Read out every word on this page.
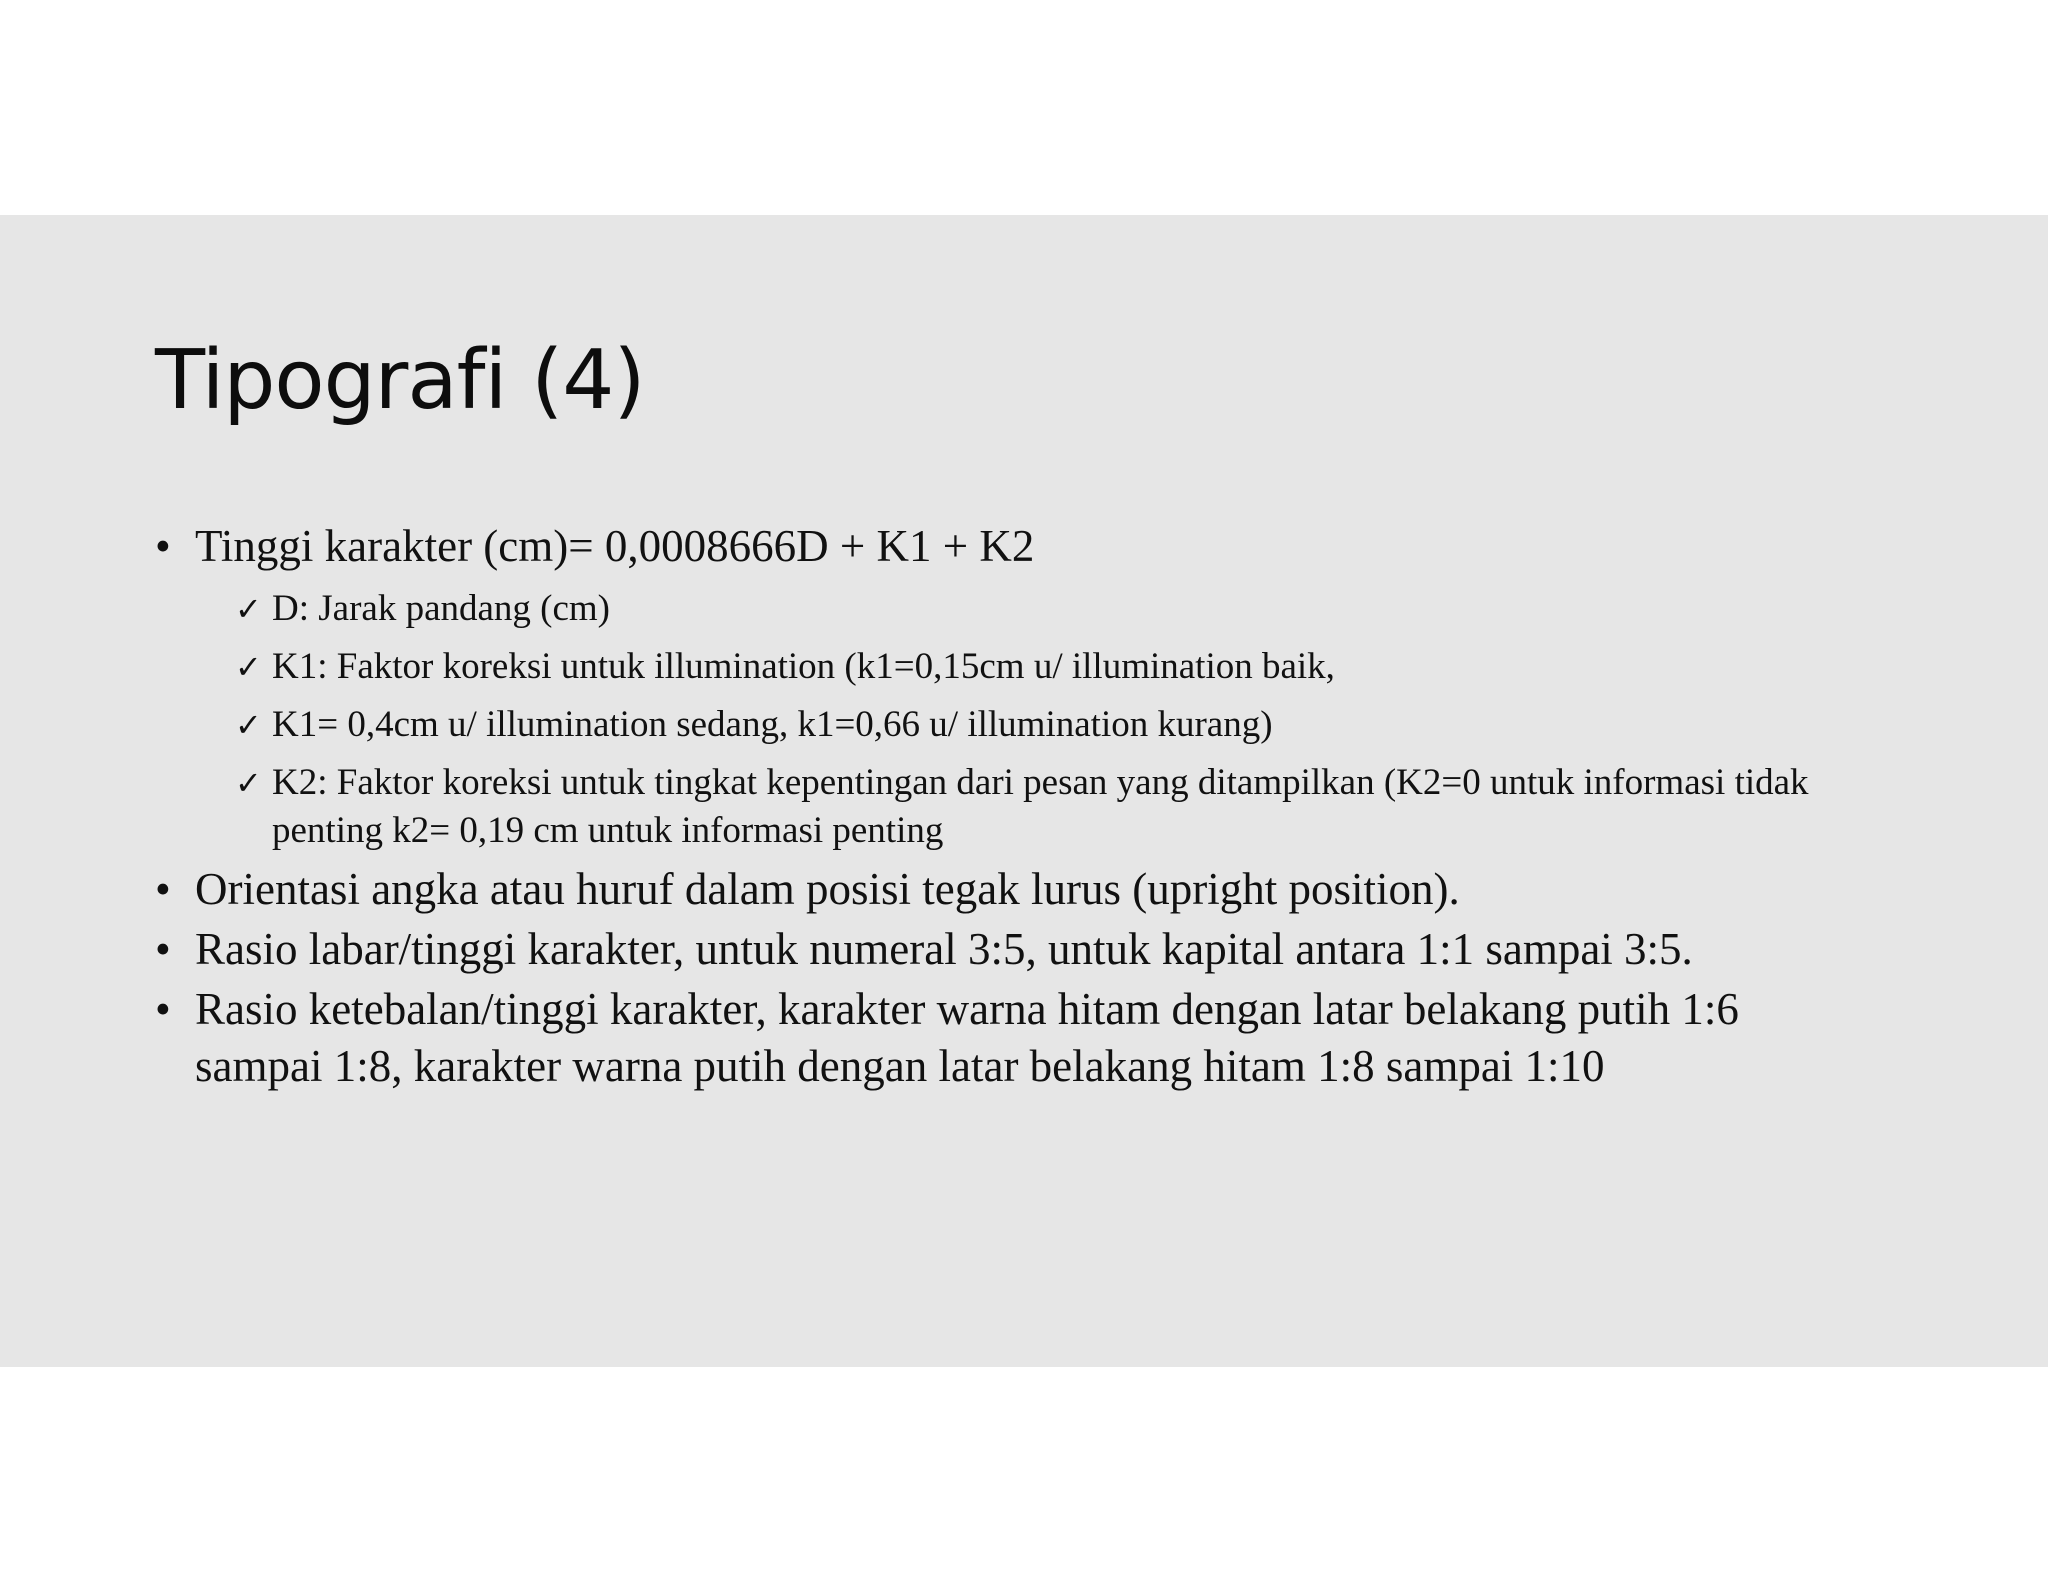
Tipografi (4)
• Tinggi karakter (cm)= 0,0008666D + K1 + K2
✓ D: Jarak pandang (cm)
✓ K1: Faktor koreksi untuk illumination (k1=0,15cm u/ illumination baik,
✓ K1= 0,4cm u/ illumination sedang, k1=0,66 u/ illumination kurang)
✓ K2: Faktor koreksi untuk tingkat kepentingan dari pesan yang ditampilkan (K2=0 untuk informasi tidak penting k2= 0,19 cm untuk informasi penting
• Orientasi angka atau huruf dalam posisi tegak lurus (upright position).
• Rasio labar/tinggi karakter, untuk numeral 3:5, untuk kapital antara 1:1 sampai 3:5.
• Rasio ketebalan/tinggi karakter, karakter warna hitam dengan latar belakang putih 1:6 sampai 1:8, karakter warna putih dengan latar belakang hitam 1:8 sampai 1:10
